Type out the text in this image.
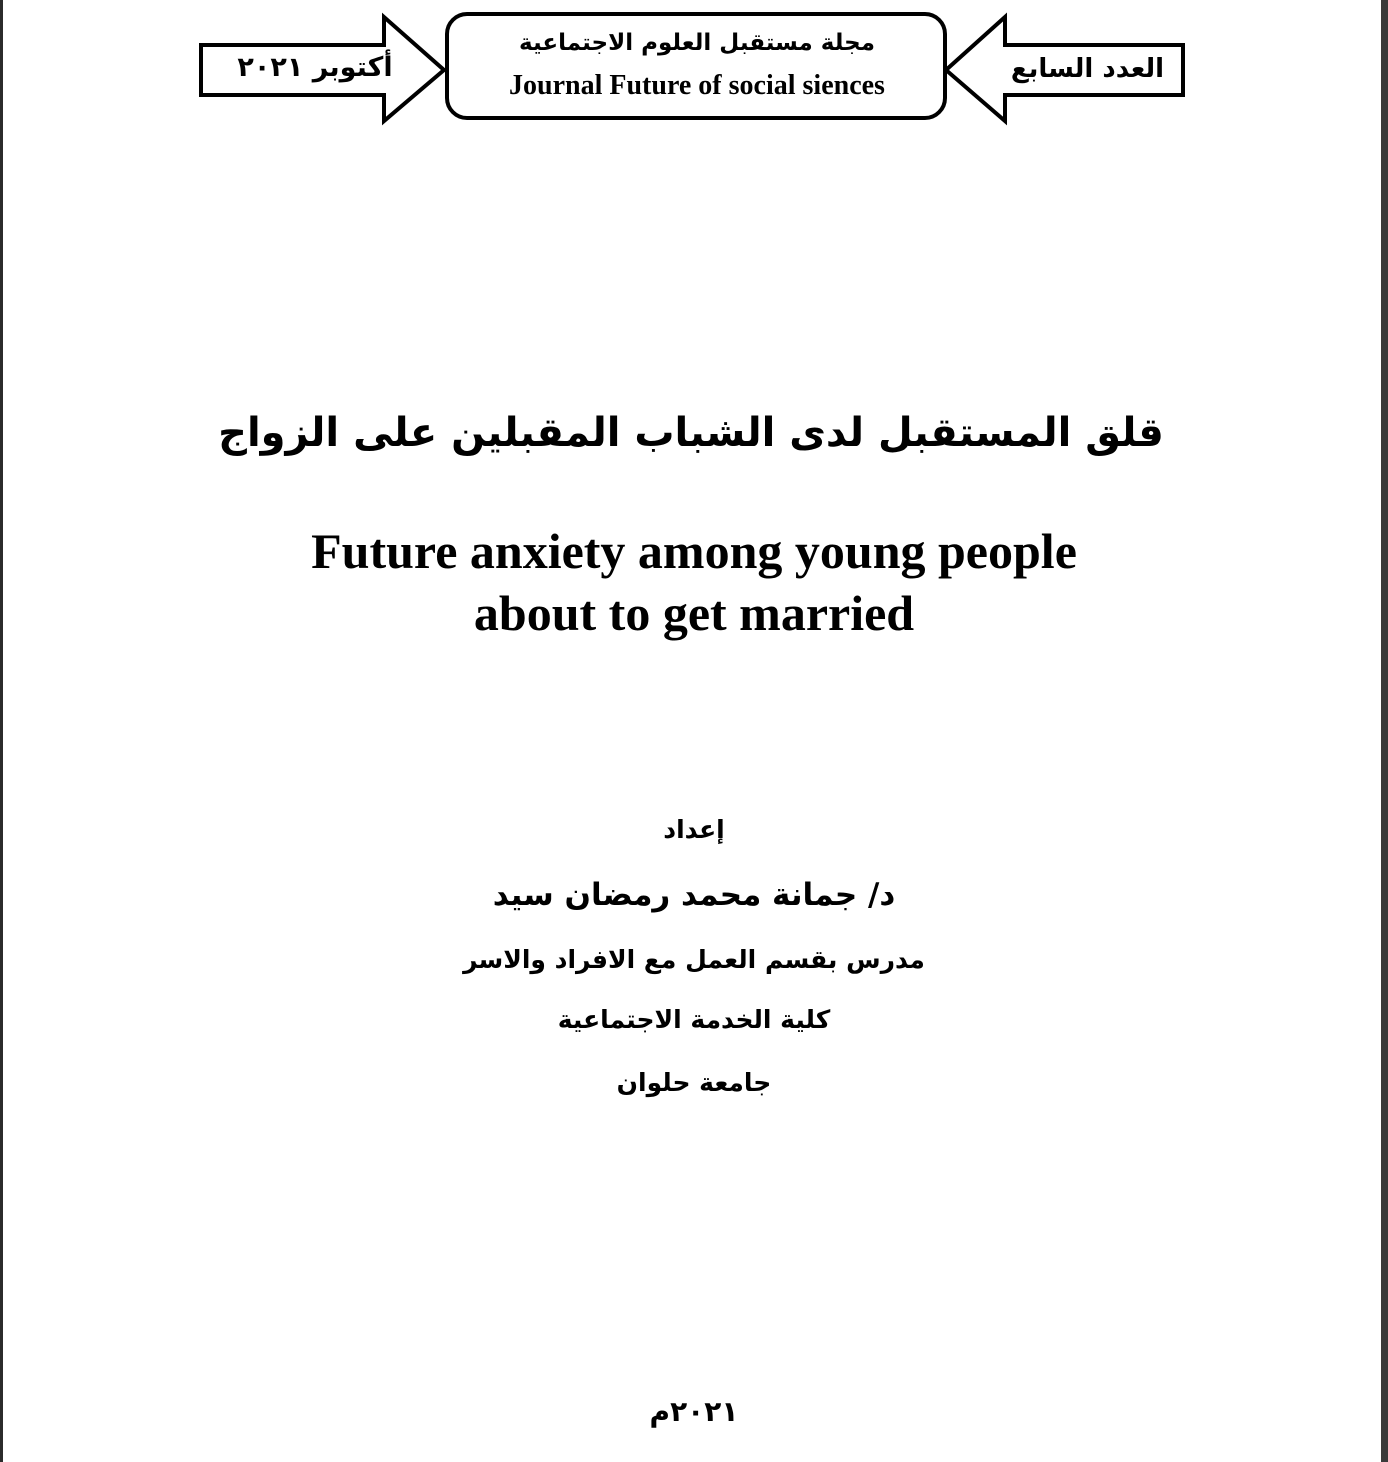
أكتوبر ٢٠٢١	العدد السابع
مجلة مستقبل العلوم الاجتماعية
Journal Future of social siences
قلق المستقبل لدى الشباب المقبلين على الزواج
Future anxiety among young people
about to get married
إعداد
د/ جمانة محمد رمضان سيد
مدرس بقسم العمل مع الافراد والاسر
كلية الخدمة الاجتماعية
جامعة حلوان
٢٠٢١م
